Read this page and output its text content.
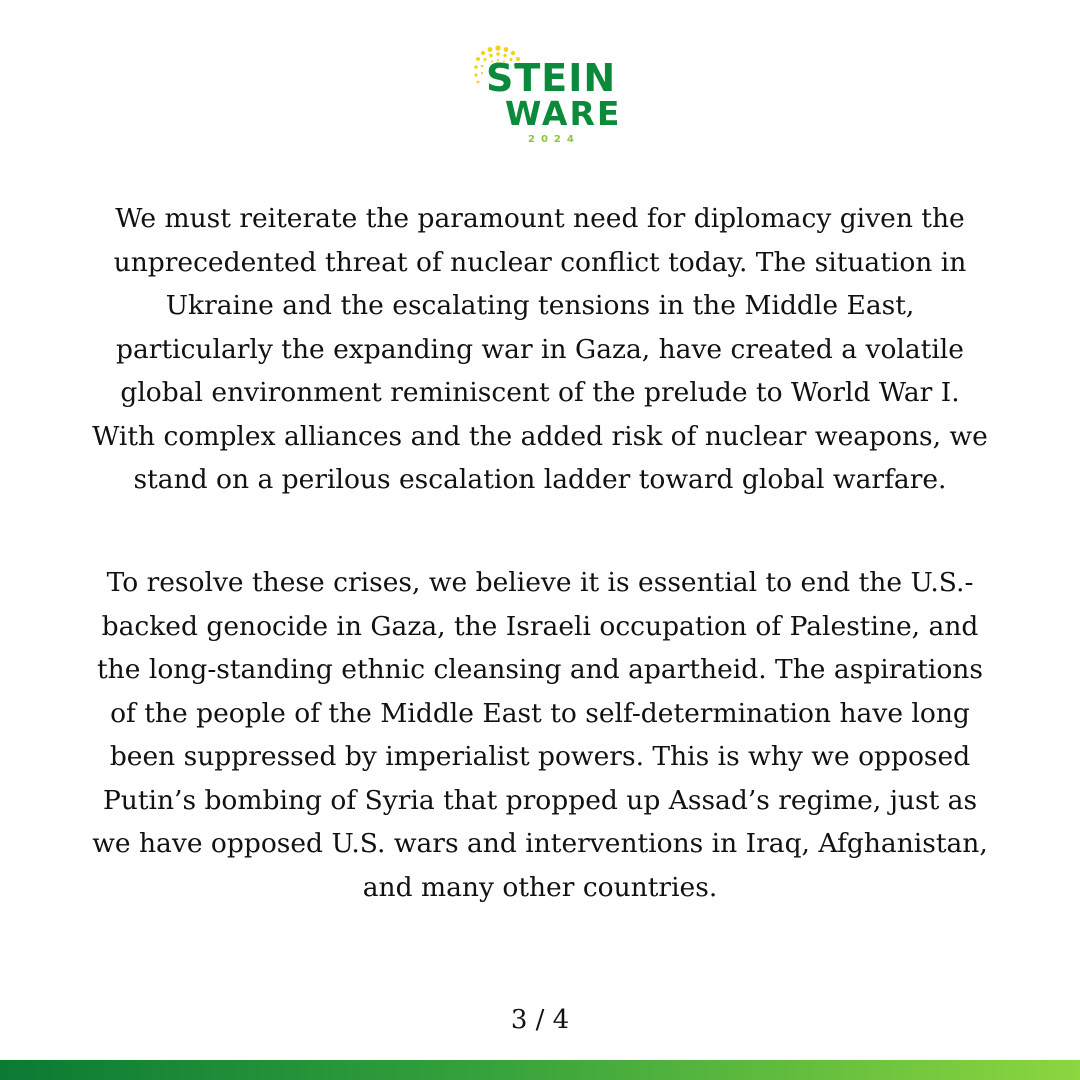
STEIN
WARE
2024

We must reiterate the paramount need for diplomacy given the unprecedented threat of nuclear conflict today. The situation in Ukraine and the escalating tensions in the Middle East, particularly the expanding war in Gaza, have created a volatile global environment reminiscent of the prelude to World War I. With complex alliances and the added risk of nuclear weapons, we stand on a perilous escalation ladder toward global warfare.

To resolve these crises, we believe it is essential to end the U.S.-backed genocide in Gaza, the Israeli occupation of Palestine, and the long-standing ethnic cleansing and apartheid. The aspirations of the people of the Middle East to self-determination have long been suppressed by imperialist powers. This is why we opposed Putin’s bombing of Syria that propped up Assad’s regime, just as we have opposed U.S. wars and interventions in Iraq, Afghanistan, and many other countries.

3 / 4
